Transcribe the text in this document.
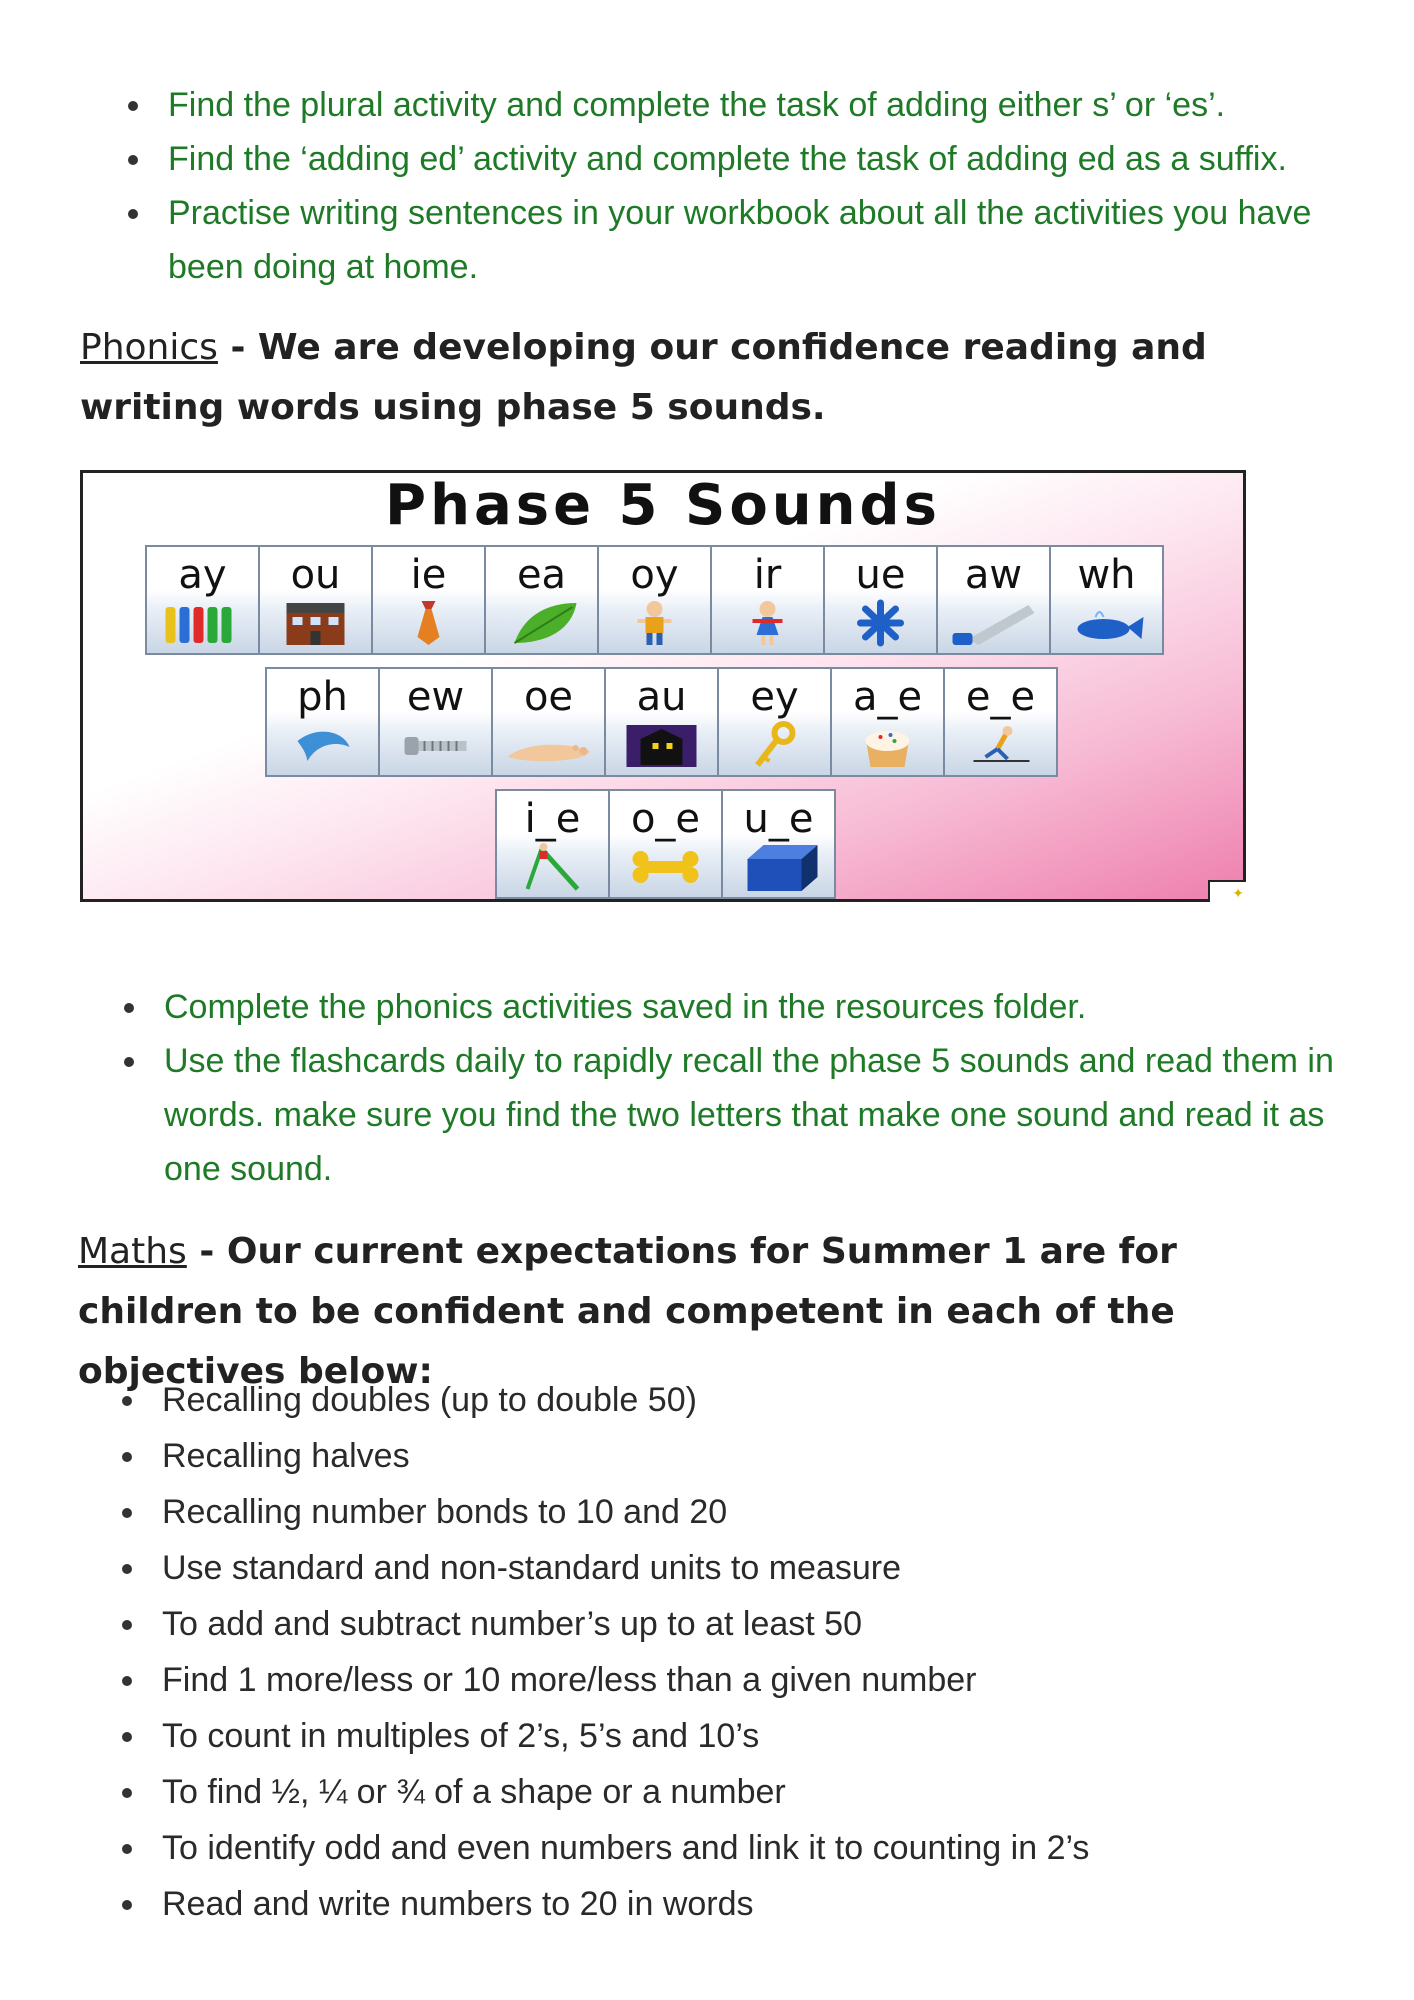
Find the plural activity and complete the task of adding either s’ or ‘es’.
Find the ‘adding ed’ activity and complete the task of adding ed as a suffix.
Practise writing sentences in your workbook about all the activities you have been doing at home.

Phonics - We are developing our confidence reading and writing words using phase 5 sounds.

Phase 5 Sounds

ay	ou	ie	ea	oy	ir	ue	aw	wh
ph	ew	oe	au	ey	a_e	e_e
i_e	o_e	u_e
✦
Complete the phonics activities saved in the resources folder.
Use the flashcards daily to rapidly recall the phase 5 sounds and read them in words. make sure you find the two letters that make one sound and read it as one sound.

Maths - Our current expectations for Summer 1 are for children to be confident and competent in each of the objectives below:

Recalling doubles (up to double 50)
Recalling halves
Recalling number bonds to 10 and 20
Use standard and non-standard units to measure
To add and subtract number’s up to at least 50
Find 1 more/less or 10 more/less than a given number
To count in multiples of 2’s, 5’s and 10’s
To find ½, ¼ or ¾ of a shape or a number
To identify odd and even numbers and link it to counting in 2’s
Read and write numbers to 20 in words
